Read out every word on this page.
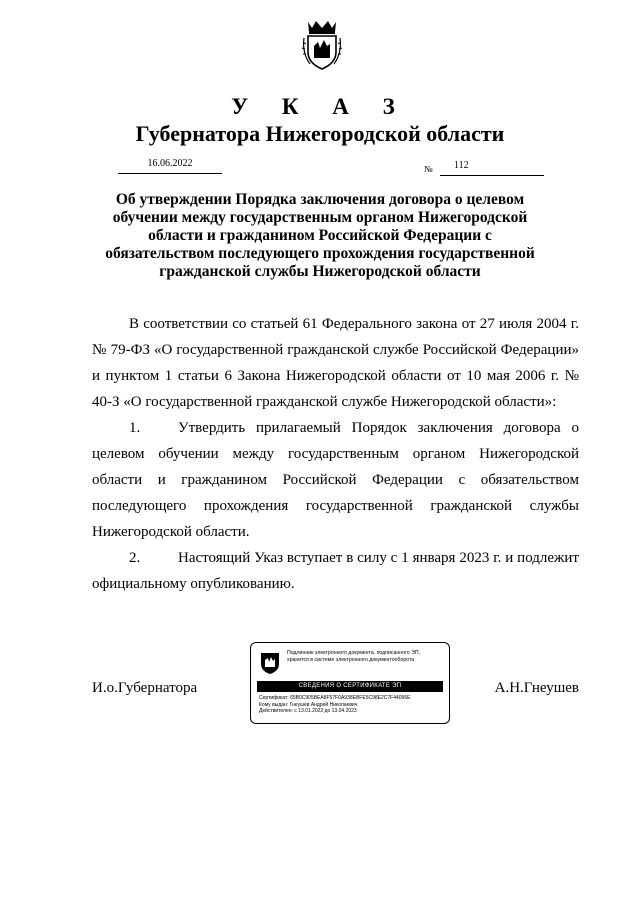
У К А З
Губернатора Нижегородской области
16.06.2022	№	112
Об утверждении Порядка заключения договора о целевом обучении между государственным органом Нижегородской области и гражданином Российской Федерации с обязательством последующего прохождения государственной гражданской службы Нижегородской области

В соответствии со статьей 61 Федерального закона от 27 июля 2004 г. № 79-ФЗ «О государственной гражданской службе Российской Федерации» и пунктом 1 статьи 6 Закона Нижегородской области от 10 мая 2006 г. № 40-З «О государственной гражданской службе Нижегородской области»:

1.	Утвердить прилагаемый Порядок заключения договора о целевом обучении между государственным органом Нижегородской области и гражданином Российской Федерации с обязательством последующего прохождения государственной гражданской службы Нижегородской области.

2.	Настоящий Указ вступает в силу с 1 января 2023 г. и подлежит официальному опубликованию.

И.о.Губернатора	А.Н.Гнеушев
Подлинник электронного документа, подписанного ЭП,
хранится в системе электронного документооборота
СВЕДЕНИЯ О СЕРТИФИКАТЕ ЭП
Сертификат: 65B0C905BEA8F57F0A938EBFE5C98E2C7F44096E
Кому выдан: Гнеушев Андрей Николаевич
Действителен: с 13.01.2022 до 13.04.2023
